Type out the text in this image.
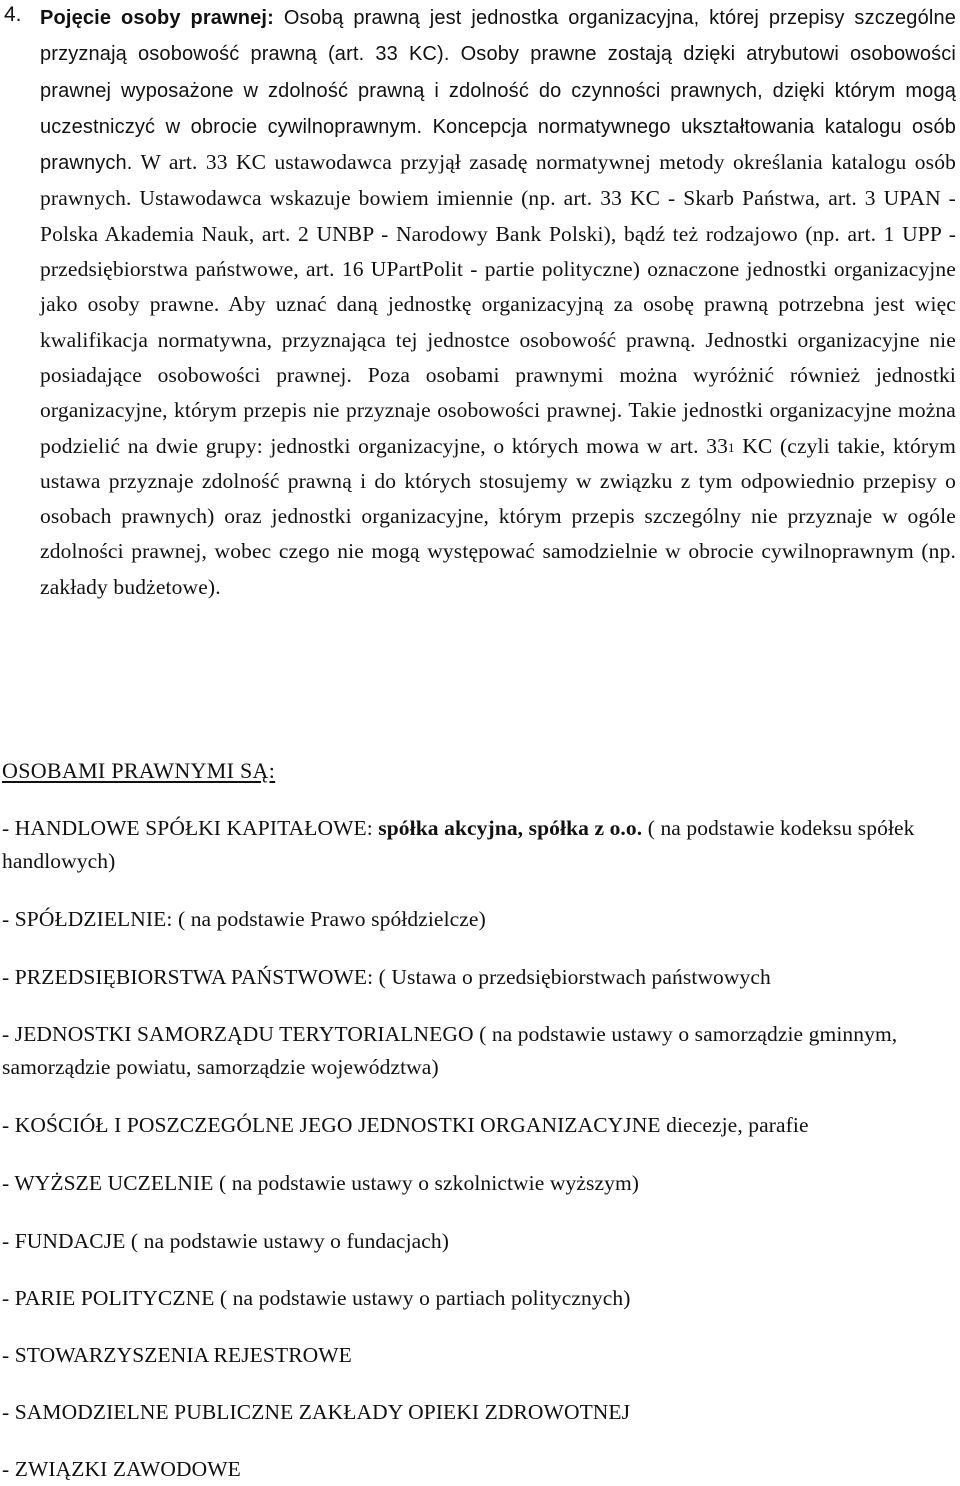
4. Pojęcie osoby prawnej: Osobą prawną jest jednostka organizacyjna, której przepisy szczególne przyznają osobowość prawną (art. 33 KC). Osoby prawne zostają dzięki atrybutowi osobowości prawnej wyposażone w zdolność prawną i zdolność do czynności prawnych, dzięki którym mogą uczestniczyć w obrocie cywilnoprawnym. Koncepcja normatywnego ukształtowania katalogu osób prawnych. W art. 33 KC ustawodawca przyjął zasadę normatywnej metody określania katalogu osób prawnych. Ustawodawca wskazuje bowiem imiennie (np. art. 33 KC - Skarb Państwa, art. 3 UPAN - Polska Akademia Nauk, art. 2 UNBP - Narodowy Bank Polski), bądź też rodzajowo (np. art. 1 UPP - przedsiębiorstwa państwowe, art. 16 UPartPolit - partie polityczne) oznaczone jednostki organizacyjne jako osoby prawne. Aby uznać daną jednostkę organizacyjną za osobę prawną potrzebna jest więc kwalifikacja normatywna, przyznająca tej jednostce osobowość prawną. Jednostki organizacyjne nie posiadające osobowości prawnej. Poza osobami prawnymi można wyróżnić również jednostki organizacyjne, którym przepis nie przyznaje osobowości prawnej. Takie jednostki organizacyjne można podzielić na dwie grupy: jednostki organizacyjne, o których mowa w art. $33^1$ KC (czyli takie, którym ustawa przyznaje zdolność prawną i do których stosujemy w związku z tym odpowiednio przepisy o osobach prawnych) oraz jednostki organizacyjne, którym przepis szczególny nie przyznaje w ogóle zdolności prawnej, wobec czego nie mogą występować samodzielnie w obrocie cywilnoprawnym (np. zakłady budżetowe).
OSOBAMI PRAWNYMI SĄ:
- HANDLOWE SPÓŁKI KAPITAŁOWE: spółka akcyjna, spółka z o.o. ( na podstawie kodeksu spółek handlowych)
- SPÓŁDZIELNIE: ( na podstawie Prawo spółdzielcze)
- PRZEDSIĘBIORSTWA PAŃSTWOWE: ( Ustawa o przedsiębiorstwach państwowych
- JEDNOSTKI SAMORZĄDU TERYTORIALNEGO ( na podstawie ustawy o samorządzie gminnym, samorządzie powiatu, samorządzie województwa)
- KOŚCIÓŁ I POSZCZEGÓLNE JEGO JEDNOSTKI ORGANIZACYJNE diecezje, parafie
- WYŻSZE UCZELNIE ( na podstawie ustawy o szkolnictwie wyższym)
- FUNDACJE ( na podstawie ustawy o fundacjach)
- PARIE POLITYCZNE ( na podstawie ustawy o partiach politycznych)
- STOWARZYSZENIA REJESTROWE
- SAMODZIELNE PUBLICZNE ZAKŁADY OPIEKI ZDROWOTNEJ
- ZWIĄZKI ZAWODOWE
